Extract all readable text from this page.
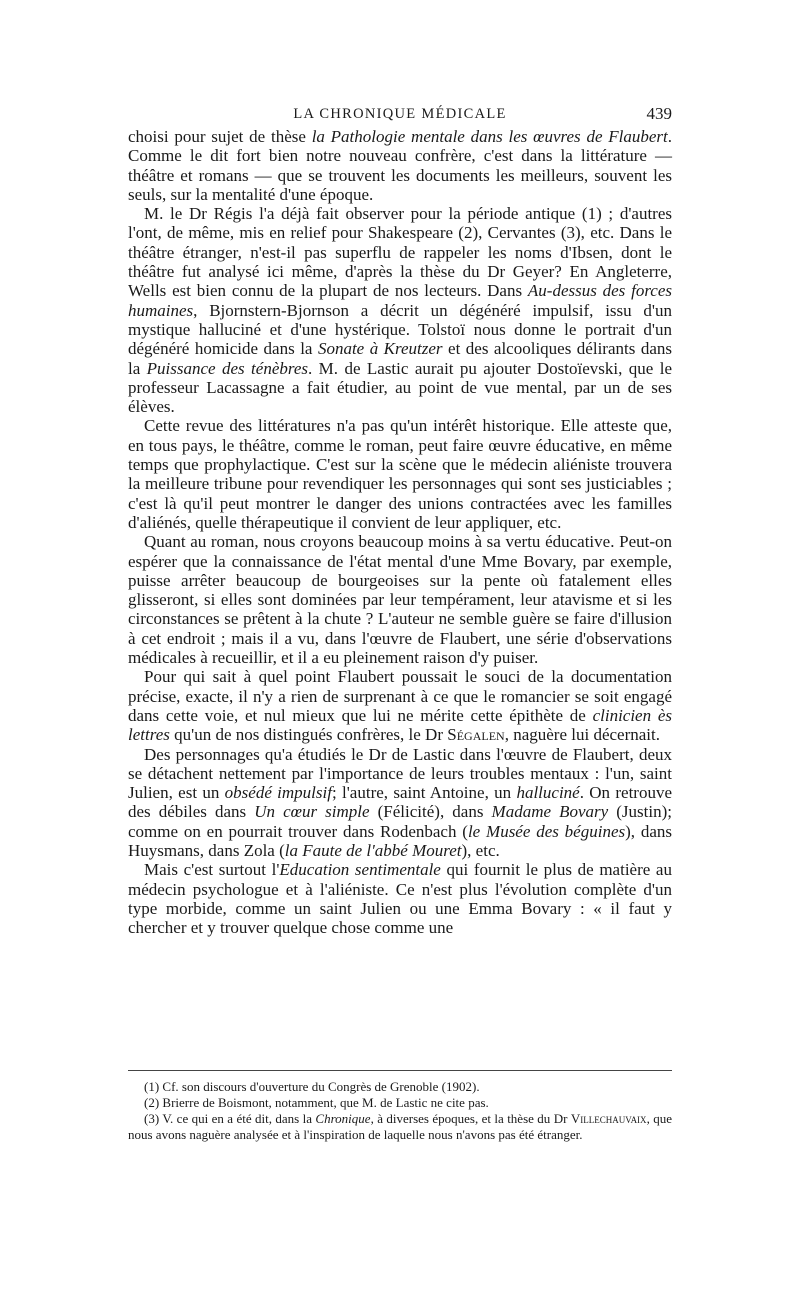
LA CHRONIQUE MÉDICALE	439

choisi pour sujet de thèse la Pathologie mentale dans les œuvres de Flaubert. Comme le dit fort bien notre nouveau confrère, c'est dans la littérature — théâtre et romans — que se trouvent les documents les meilleurs, souvent les seuls, sur la mentalité d'une époque.

M. le Dr Régis l'a déjà fait observer pour la période antique (1) ; d'autres l'ont, de même, mis en relief pour Shakespeare (2), Cervantes (3), etc. Dans le théâtre étranger, n'est-il pas superflu de rappeler les noms d'Ibsen, dont le théâtre fut analysé ici même, d'après la thèse du Dr Geyer? En Angleterre, Wells est bien connu de la plupart de nos lecteurs. Dans Au-dessus des forces humaines, Bjornstern-Bjornson a décrit un dégénéré impulsif, issu d'un mystique halluciné et d'une hystérique. Tolstoï nous donne le portrait d'un dégénéré homicide dans la Sonate à Kreutzer et des alcooliques délirants dans la Puissance des ténèbres. M. de Lastic aurait pu ajouter Dostoïevski, que le professeur Lacassagne a fait étudier, au point de vue mental, par un de ses élèves.

Cette revue des littératures n'a pas qu'un intérêt historique. Elle atteste que, en tous pays, le théâtre, comme le roman, peut faire œuvre éducative, en même temps que prophylactique. C'est sur la scène que le médecin aliéniste trouvera la meilleure tribune pour revendiquer les personnages qui sont ses justiciables ; c'est là qu'il peut montrer le danger des unions contractées avec les familles d'aliénés, quelle thérapeutique il convient de leur appliquer, etc.

Quant au roman, nous croyons beaucoup moins à sa vertu éducative. Peut-on espérer que la connaissance de l'état mental d'une Mme Bovary, par exemple, puisse arrêter beaucoup de bourgeoises sur la pente où fatalement elles glisseront, si elles sont dominées par leur tempérament, leur atavisme et si les circonstances se prêtent à la chute ? L'auteur ne semble guère se faire d'illusion à cet endroit ; mais il a vu, dans l'œuvre de Flaubert, une série d'observations médicales à recueillir, et il a eu pleinement raison d'y puiser.

Pour qui sait à quel point Flaubert poussait le souci de la documentation précise, exacte, il n'y a rien de surprenant à ce que le romancier se soit engagé dans cette voie, et nul mieux que lui ne mérite cette épithète de clinicien ès lettres qu'un de nos distingués confrères, le Dr Ségalen, naguère lui décernait.

Des personnages qu'a étudiés le Dr de Lastic dans l'œuvre de Flaubert, deux se détachent nettement par l'importance de leurs troubles mentaux : l'un, saint Julien, est un obsédé impulsif; l'autre, saint Antoine, un halluciné. On retrouve des débiles dans Un cœur simple (Félicité), dans Madame Bovary (Justin); comme on en pourrait trouver dans Rodenbach (le Musée des béguines), dans Huysmans, dans Zola (la Faute de l'abbé Mouret), etc.

Mais c'est surtout l'Education sentimentale qui fournit le plus de matière au médecin psychologue et à l'aliéniste. Ce n'est plus l'évolution complète d'un type morbide, comme un saint Julien ou une Emma Bovary : « il faut y chercher et y trouver quelque chose comme une

(1) Cf. son discours d'ouverture du Congrès de Grenoble (1902).

(2) Brierre de Boismont, notamment, que M. de Lastic ne cite pas.

(3) V. ce qui en a été dit, dans la Chronique, à diverses époques, et la thèse du Dr Villechauvaix, que nous avons naguère analysée et à l'inspiration de laquelle nous n'avons pas été étranger.
